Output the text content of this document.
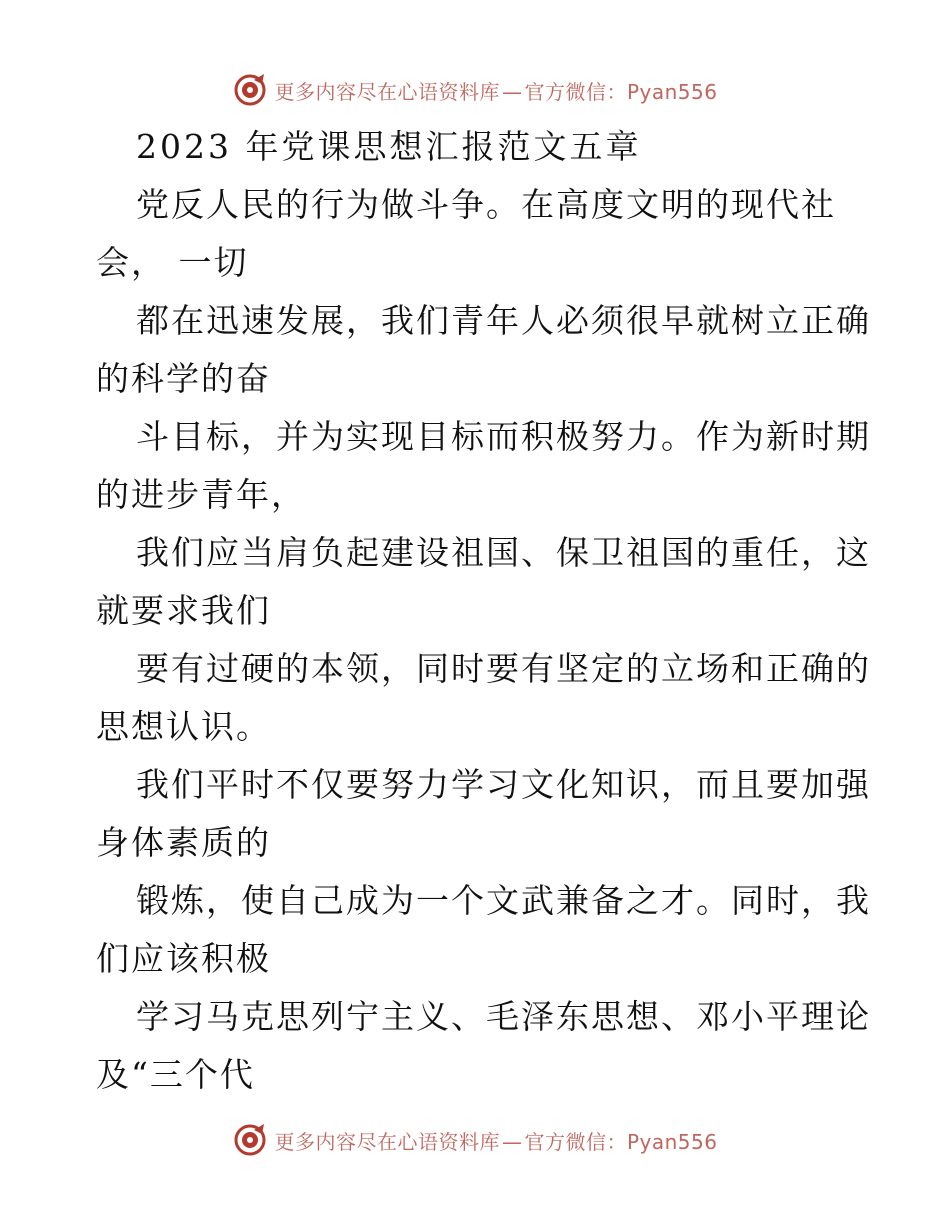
更多内容尽在心语资料库 — 官方微信：Pyan556
2023 年党课思想汇报范文五章
党反人民的行为做斗争。在高度文明的现代社
会， 一切
都在迅速发展，我们青年人必须很早就树立正确
的科学的奋
斗目标，并为实现目标而积极努力。作为新时期
的进步青年，
我们应当肩负起建设祖国、保卫祖国的重任，这
就要求我们
要有过硬的本领，同时要有坚定的立场和正确的
思想认识。
我们平时不仅要努力学习文化知识，而且要加强
身体素质的
锻炼，使自己成为一个文武兼备之才。同时，我
们应该积极
学习马克思列宁主义、毛泽东思想、邓小平理论
及“三个代
更多内容尽在心语资料库 — 官方微信：Pyan556
